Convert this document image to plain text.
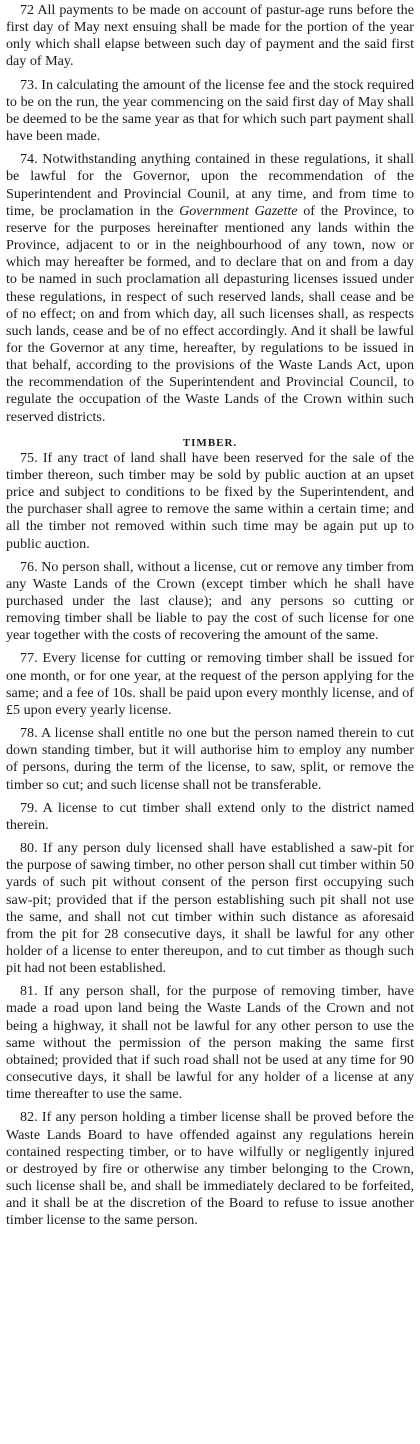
72 All payments to be made on account of pastur-age runs before the first day of May next ensuing shall be made for the portion of the year only which shall elapse between such day of payment and the said first day of May.

73. In calculating the amount of the license fee and the stock required to be on the run, the year commencing on the said first day of May shall be deemed to be the same year as that for which such part payment shall have been made.

74. Notwithstanding anything contained in these regulations, it shall be lawful for the Governor, upon the recommendation of the Superintendent and Provincial Counil, at any time, and from time to time, be proclamation in the Government Gazette of the Province, to reserve for the purposes hereinafter mentioned any lands within the Province, adjacent to or in the neighbourhood of any town, now or which may hereafter be formed, and to declare that on and from a day to be named in such proclamation all depasturing licenses issued under these regulations, in respect of such reserved lands, shall cease and be of no effect; on and from which day, all such licenses shall, as respects such lands, cease and be of no effect accordingly. And it shall be lawful for the Governor at any time, hereafter, by regulations to be issued in that behalf, according to the provisions of the Waste Lands Act, upon the recommendation of the Superintendent and Provincial Council, to regulate the occupation of the Waste Lands of the Crown within such reserved districts.

TIMBER.

75. If any tract of land shall have been reserved for the sale of the timber thereon, such timber may be sold by public auction at an upset price and subject to conditions to be fixed by the Superintendent, and the purchaser shall agree to remove the same within a certain time; and all the timber not removed within such time may be again put up to public auction.

76. No person shall, without a license, cut or remove any timber from any Waste Lands of the Crown (except timber which he shall have purchased under the last clause); and any persons so cutting or removing timber shall be liable to pay the cost of such license for one year together with the costs of recovering the amount of the same.

77. Every license for cutting or removing timber shall be issued for one month, or for one year, at the request of the person applying for the same; and a fee of 10s. shall be paid upon every monthly license, and of £5 upon every yearly license.

78. A license shall entitle no one but the person named therein to cut down standing timber, but it will authorise him to employ any number of persons, during the term of the license, to saw, split, or remove the timber so cut; and such license shall not be transferable.

79. A license to cut timber shall extend only to the district named therein.

80. If any person duly licensed shall have established a saw-pit for the purpose of sawing timber, no other person shall cut timber within 50 yards of such pit without consent of the person first occupying such saw-pit; provided that if the person establishing such pit shall not use the same, and shall not cut timber within such distance as aforesaid from the pit for 28 consecutive days, it shall be lawful for any other holder of a license to enter thereupon, and to cut timber as though such pit had not been established.

81. If any person shall, for the purpose of removing timber, have made a road upon land being the Waste Lands of the Crown and not being a highway, it shall not be lawful for any other person to use the same without the permission of the person making the same first obtained; provided that if such road shall not be used at any time for 90 consecutive days, it shall be lawful for any holder of a license at any time thereafter to use the same.

82. If any person holding a timber license shall be proved before the Waste Lands Board to have offended against any regulations herein contained respecting timber, or to have wilfully or negligently injured or destroyed by fire or otherwise any timber belonging to the Crown, such license shall be, and shall be immediately declared to be forfeited, and it shall be at the discretion of the Board to refuse to issue another timber license to the same person.
